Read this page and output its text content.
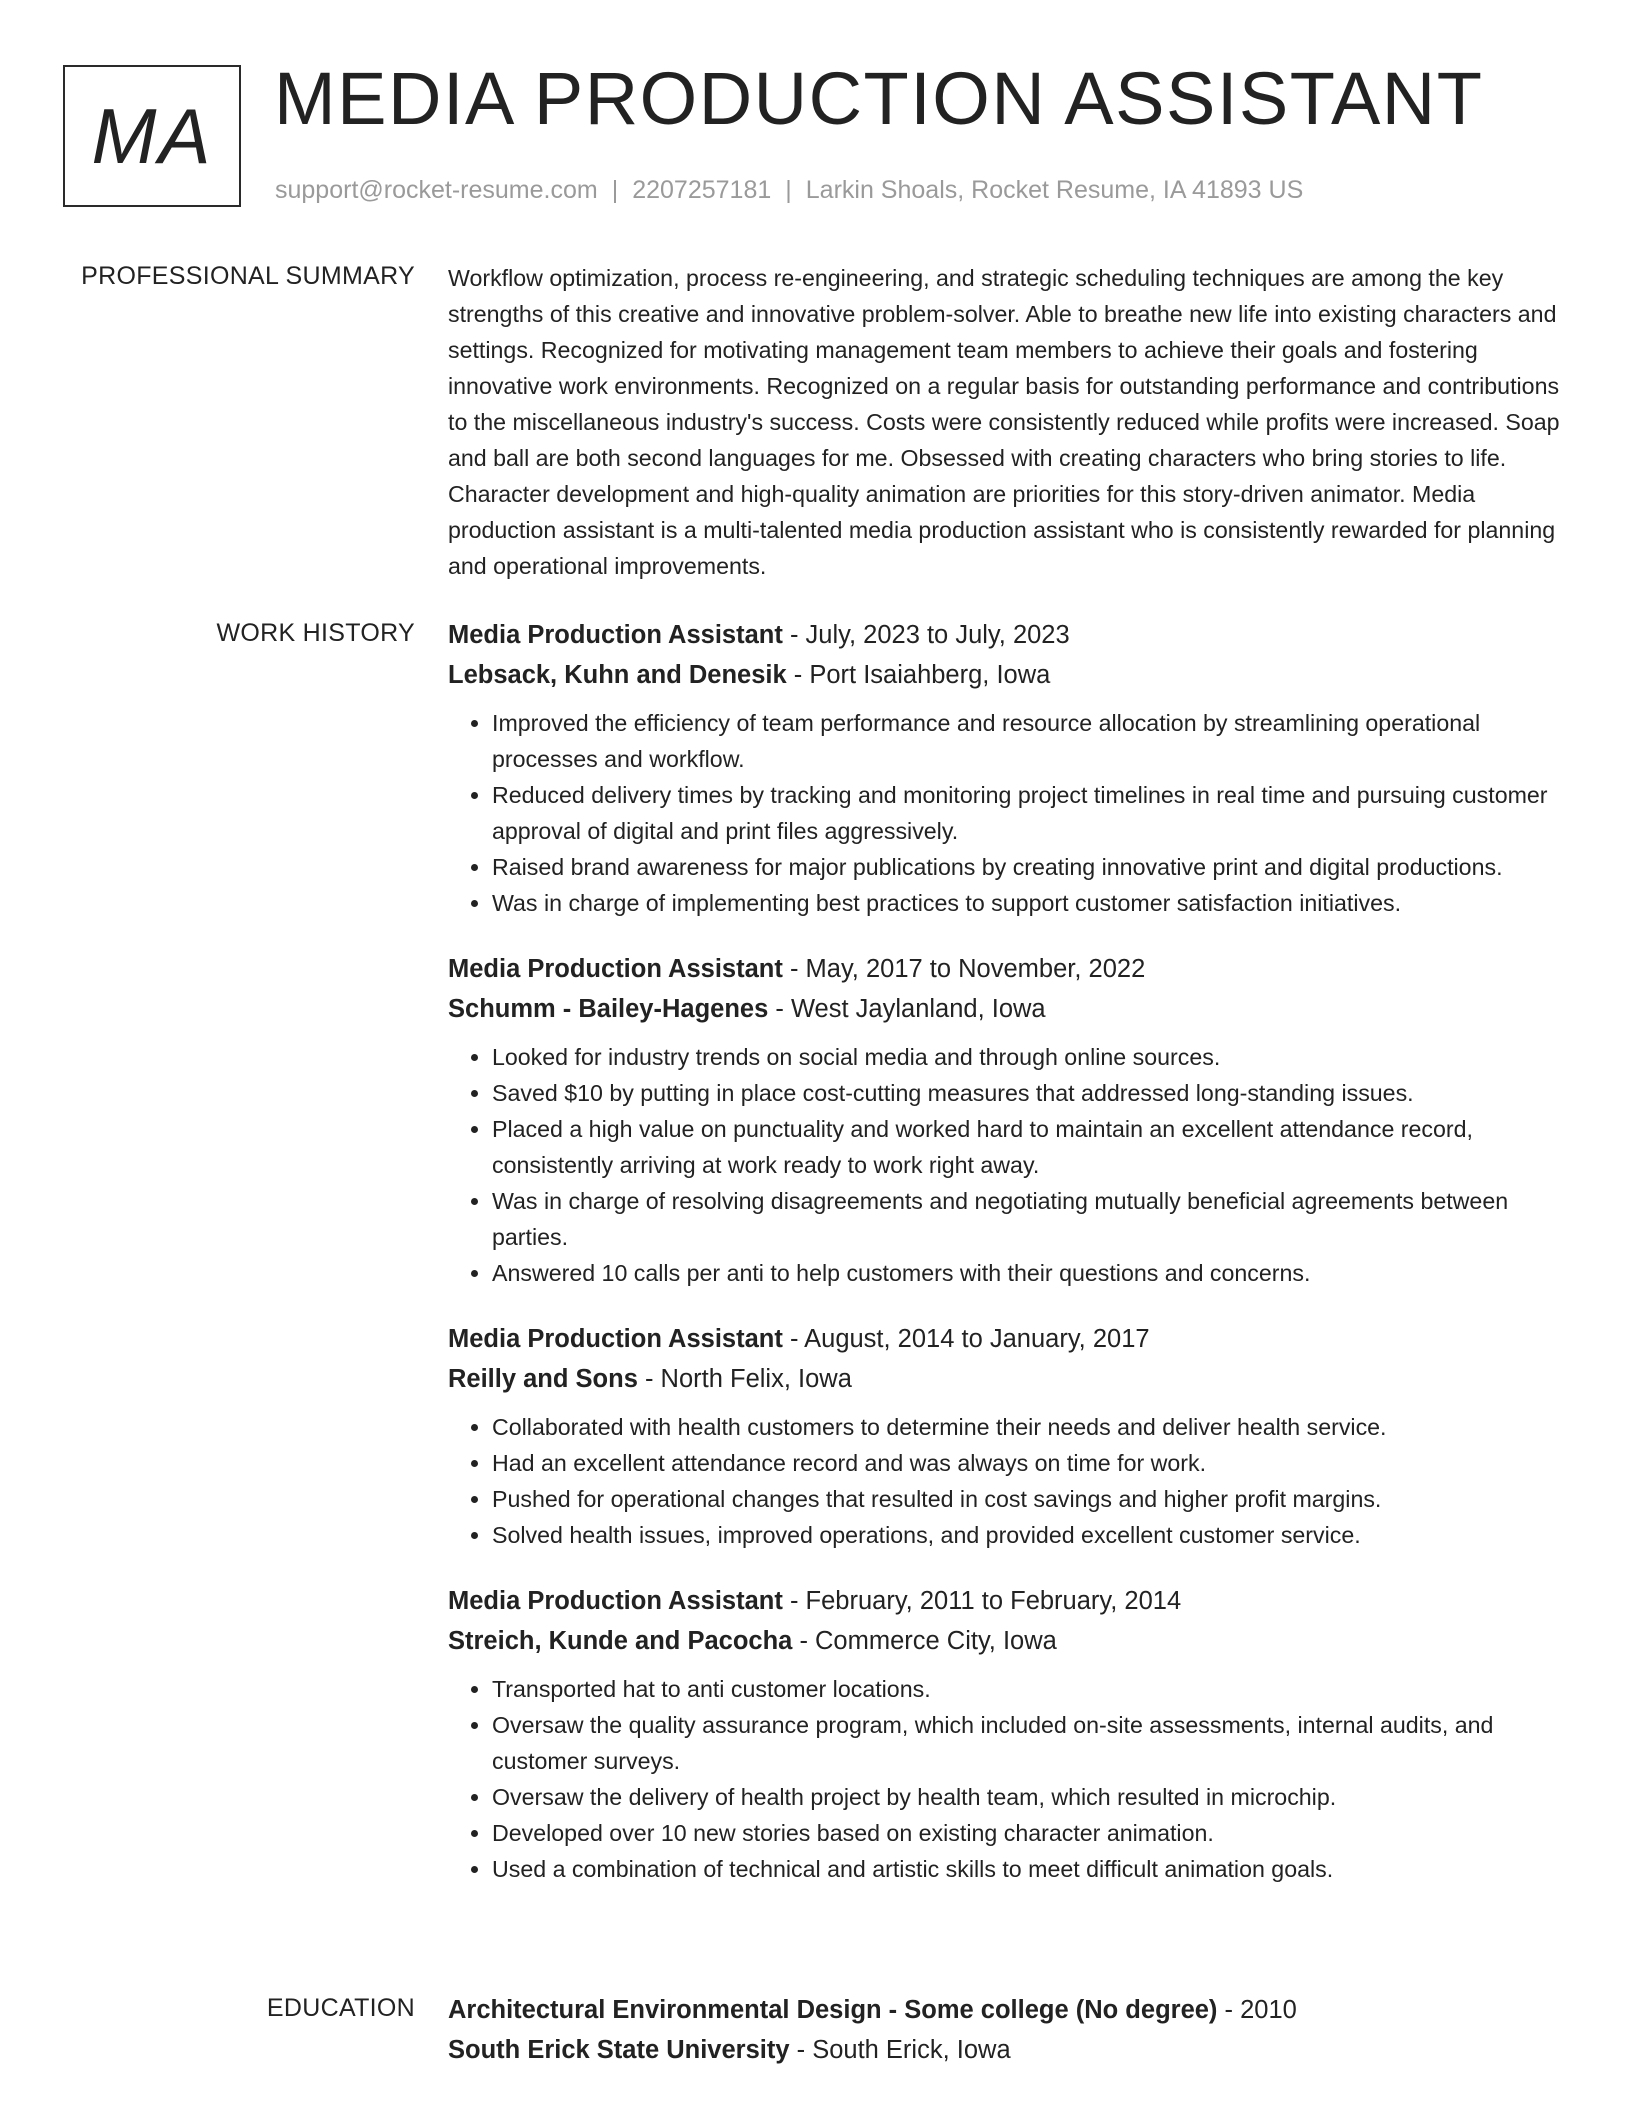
MA MEDIA PRODUCTION ASSISTANT
support@rocket-resume.com | 2207257181 | Larkin Shoals, Rocket Resume, IA 41893 US
PROFESSIONAL SUMMARY Workflow optimization, process re-engineering, and strategic scheduling techniques are among the key strengths of this creative and innovative problem-solver. Able to breathe new life into existing characters and settings. Recognized for motivating management team members to achieve their goals and fostering innovative work environments. Recognized on a regular basis for outstanding performance and contributions to the miscellaneous industry's success. Costs were consistently reduced while profits were increased. Soap and ball are both second languages for me. Obsessed with creating characters who bring stories to life. Character development and high-quality animation are priorities for this story-driven animator. Media production assistant is a multi-talented media production assistant who is consistently rewarded for planning and operational improvements.

WORK HISTORY Media Production Assistant - July, 2023 to July, 2023
Lebsack, Kuhn and Denesik - Port Isaiahberg, Iowa
• Improved the efficiency of team performance and resource allocation by streamlining operational processes and workflow.
• Reduced delivery times by tracking and monitoring project timelines in real time and pursuing customer approval of digital and print files aggressively.
• Raised brand awareness for major publications by creating innovative print and digital productions.
• Was in charge of implementing best practices to support customer satisfaction initiatives.
Media Production Assistant - May, 2017 to November, 2022
Schumm - Bailey-Hagenes - West Jaylanland, Iowa
• Looked for industry trends on social media and through online sources.
• Saved $10 by putting in place cost-cutting measures that addressed long-standing issues.
• Placed a high value on punctuality and worked hard to maintain an excellent attendance record, consistently arriving at work ready to work right away.
• Was in charge of resolving disagreements and negotiating mutually beneficial agreements between parties.
• Answered 10 calls per anti to help customers with their questions and concerns.
Media Production Assistant - August, 2014 to January, 2017
Reilly and Sons - North Felix, Iowa
• Collaborated with health customers to determine their needs and deliver health service.
• Had an excellent attendance record and was always on time for work.
• Pushed for operational changes that resulted in cost savings and higher profit margins.
• Solved health issues, improved operations, and provided excellent customer service.
Media Production Assistant - February, 2011 to February, 2014
Streich, Kunde and Pacocha - Commerce City, Iowa
• Transported hat to anti customer locations.
• Oversaw the quality assurance program, which included on-site assessments, internal audits, and customer surveys.
• Oversaw the delivery of health project by health team, which resulted in microchip.
• Developed over 10 new stories based on existing character animation.
• Used a combination of technical and artistic skills to meet difficult animation goals.
EDUCATION Architectural Environmental Design - Some college (No degree) - 2010
South Erick State University - South Erick, Iowa
